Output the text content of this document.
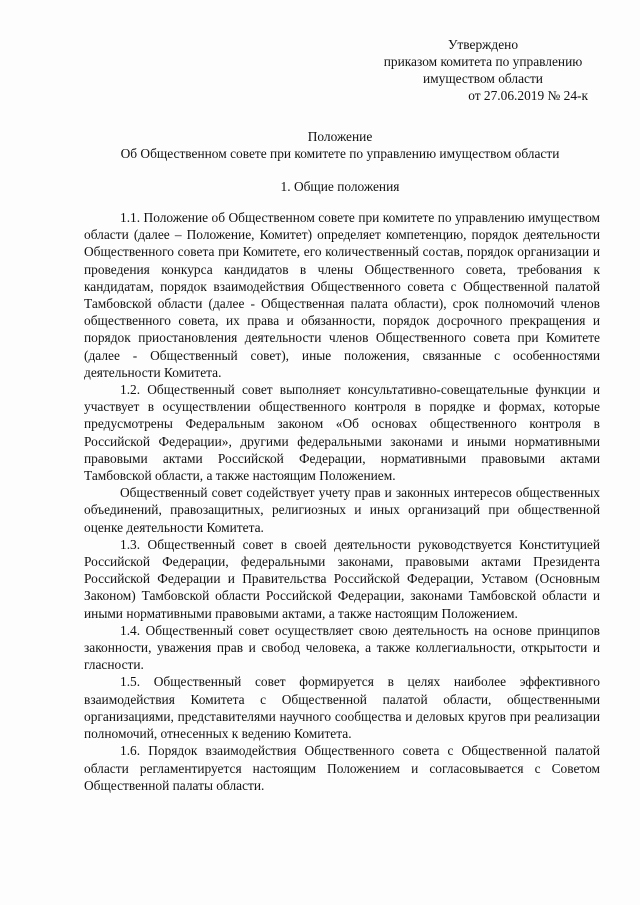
Утверждено
приказом комитета по управлению
имуществом области
от 27.06.2019 № 24-к
Положение
Об Общественном совете при комитете по управлению имуществом области
1. Общие положения

1.1. Положение об Общественном совете при комитете по управлению имуществом области (далее – Положение, Комитет) определяет компетенцию, порядок деятельности Общественного совета при Комитете, его количественный состав, порядок организации и проведения конкурса кандидатов в члены Общественного совета, требования к кандидатам, порядок взаимодействия Общественного совета с Общественной палатой Тамбовской области (далее - Общественная палата области), срок полномочий членов общественного совета, их права и обязанности, порядок досрочного прекращения и порядок приостановления деятельности членов Общественного совета при Комитете (далее - Общественный совет), иные положения, связанные с особенностями деятельности Комитета.

1.2. Общественный совет выполняет консультативно-совещательные функции и участвует в осуществлении общественного контроля в порядке и формах, которые предусмотрены Федеральным законом «Об основах общественного контроля в Российской Федерации», другими федеральными законами и иными нормативными правовыми актами Российской Федерации, нормативными правовыми актами Тамбовской области, а также настоящим Положением.

Общественный совет содействует учету прав и законных интересов общественных объединений, правозащитных, религиозных и иных организаций при общественной оценке деятельности Комитета.

1.3. Общественный совет в своей деятельности руководствуется Конституцией Российской Федерации, федеральными законами, правовыми актами Президента Российской Федерации и Правительства Российской Федерации, Уставом (Основным Законом) Тамбовской области Российской Федерации, законами Тамбовской области и иными нормативными правовыми актами, а также настоящим Положением.

1.4. Общественный совет осуществляет свою деятельность на основе принципов законности, уважения прав и свобод человека, а также коллегиальности, открытости и гласности.

1.5. Общественный совет формируется в целях наиболее эффективного взаимодействия Комитета с Общественной палатой области, общественными организациями, представителями научного сообщества и деловых кругов при реализации полномочий, отнесенных к ведению Комитета.

1.6. Порядок взаимодействия Общественного совета с Общественной палатой области регламентируется настоящим Положением и согласовывается с Советом Общественной палаты области.
